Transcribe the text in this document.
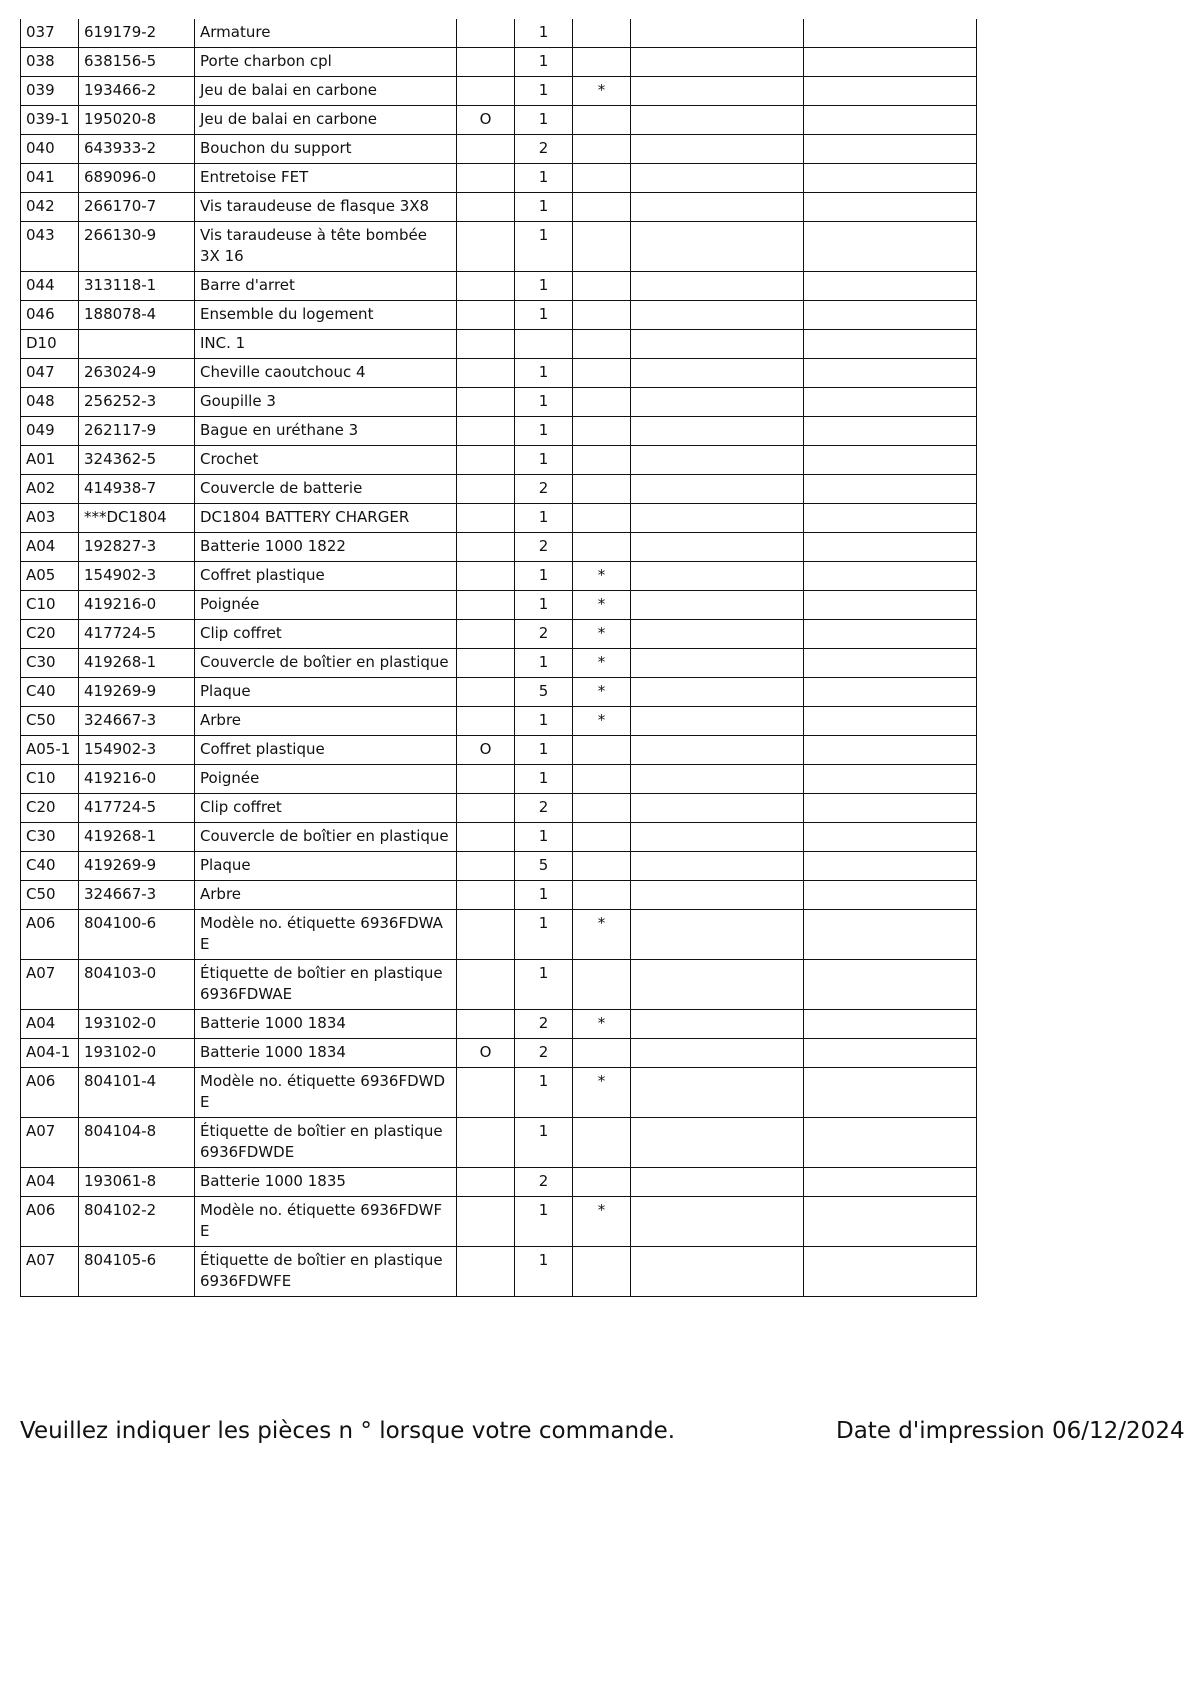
037	619179-2	Armature		1			
038	638156-5	Porte charbon cpl		1			
039	193466-2	Jeu de balai en carbone		1	*		
039-1	195020-8	Jeu de balai en carbone	O	1			
040	643933-2	Bouchon du support		2			
041	689096-0	Entretoise FET		1			
042	266170-7	Vis taraudeuse de flasque 3X8		1			
043	266130-9	Vis taraudeuse à tête bombée 3X 16		1			
044	313118-1	Barre d'arret		1			
046	188078-4	Ensemble du logement		1			
D10		INC. 1					
047	263024-9	Cheville caoutchouc 4		1			
048	256252-3	Goupille 3		1			
049	262117-9	Bague en uréthane 3		1			
A01	324362-5	Crochet		1			
A02	414938-7	Couvercle de batterie		2			
A03	***DC1804	DC1804 BATTERY CHARGER		1			
A04	192827-3	Batterie 1000 1822		2			
A05	154902-3	Coffret plastique		1	*		
C10	419216-0	Poignée		1	*		
C20	417724-5	Clip coffret		2	*		
C30	419268-1	Couvercle de boîtier en plastique		1	*		
C40	419269-9	Plaque		5	*		
C50	324667-3	Arbre		1	*		
A05-1	154902-3	Coffret plastique	O	1			
C10	419216-0	Poignée		1			
C20	417724-5	Clip coffret		2			
C30	419268-1	Couvercle de boîtier en plastique		1			
C40	419269-9	Plaque		5			
C50	324667-3	Arbre		1			
A06	804100-6	Modèle no. étiquette 6936FDWA E		1	*		
A07	804103-0	Étiquette de boîtier en plastique 6936FDWAE		1			
A04	193102-0	Batterie 1000 1834		2	*		
A04-1	193102-0	Batterie 1000 1834	O	2			
A06	804101-4	Modèle no. étiquette 6936FDWD E		1	*		
A07	804104-8	Étiquette de boîtier en plastique 6936FDWDE		1			
A04	193061-8	Batterie 1000 1835		2			
A06	804102-2	Modèle no. étiquette 6936FDWF E		1	*		
A07	804105-6	Étiquette de boîtier en plastique 6936FDWFE		1			
Veuillez indiquer les pièces n ° lorsque votre commande.	Date d'impression 06/12/2024
